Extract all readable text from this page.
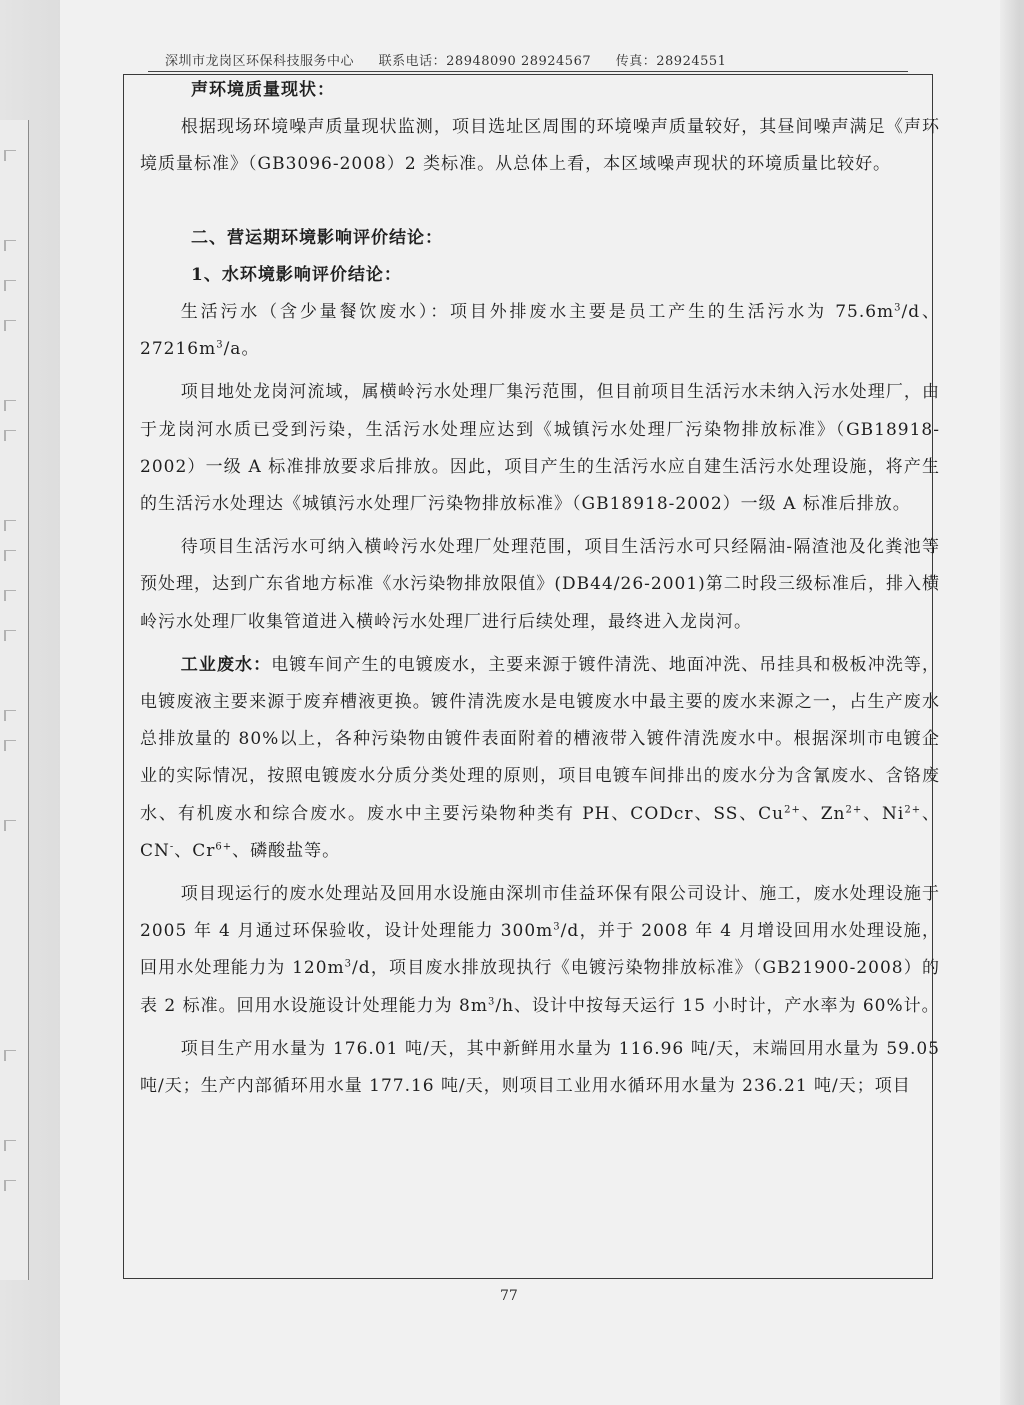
深圳市龙岗区环保科技服务中心 联系电话：28948090 28924567 传真：28924551

声环境质量现状：

根据现场环境噪声质量现状监测，项目选址区周围的环境噪声质量较好，其昼间噪声满足《声环境质量标准》（GB3096-2008）2 类标准。从总体上看，本区域噪声现状的环境质量比较好。

二、营运期环境影响评价结论：

1、水环境影响评价结论：

生活污水（含少量餐饮废水）：项目外排废水主要是员工产生的生活污水为 $75.6m^3/d$、$27216m^3/a$。

项目地处龙岗河流域，属横岭污水处理厂集污范围，但目前项目生活污水未纳入污水处理厂，由于龙岗河水质已受到污染，生活污水处理应达到《城镇污水处理厂污染物排放标准》（GB18918-2002）一级 A 标准排放要求后排放。因此，项目产生的生活污水应自建生活污水处理设施，将产生的生活污水处理达《城镇污水处理厂污染物排放标准》（GB18918-2002）一级 A 标准后排放。

待项目生活污水可纳入横岭污水处理厂处理范围，项目生活污水可只经隔油-隔渣池及化粪池等预处理，达到广东省地方标准《水污染物排放限值》(DB44/26-2001)第二时段三级标准后，排入横岭污水处理厂收集管道进入横岭污水处理厂进行后续处理，最终进入龙岗河。

工业废水：电镀车间产生的电镀废水，主要来源于镀件清洗、地面冲洗、吊挂具和极板冲洗等，电镀废液主要来源于废弃槽液更换。镀件清洗废水是电镀废水中最主要的废水来源之一，占生产废水总排放量的 80%以上，各种污染物由镀件表面附着的槽液带入镀件清洗废水中。根据深圳市电镀企业的实际情况，按照电镀废水分质分类处理的原则，项目电镀车间排出的废水分为含氰废水、含铬废水、有机废水和综合废水。废水中主要污染物种类有 PH、CODcr、SS、$Cu^{2+}$、$Zn^{2+}$、$Ni^{2+}$、CN-、$Cr^{6+}$、磷酸盐等。

项目现运行的废水处理站及回用水设施由深圳市佳益环保有限公司设计、施工，废水处理设施于 2005 年 4 月通过环保验收，设计处理能力 $300m^3/d$，并于 2008 年 4 月增设回用水处理设施，回用水处理能力为 $120m^3/d$，项目废水排放现执行《电镀污染物排放标准》（GB21900-2008）的表 2 标准。回用水设施设计处理能力为 $8m^3/h$、设计中按每天运行 15 小时计，产水率为 60%计。

项目生产用水量为 176.01 吨/天，其中新鲜用水量为 116.96 吨/天，末端回用水量为 59.05 吨/天；生产内部循环用水量 177.16 吨/天，则项目工业用水循环用水量为 236.21 吨/天；项目

77
